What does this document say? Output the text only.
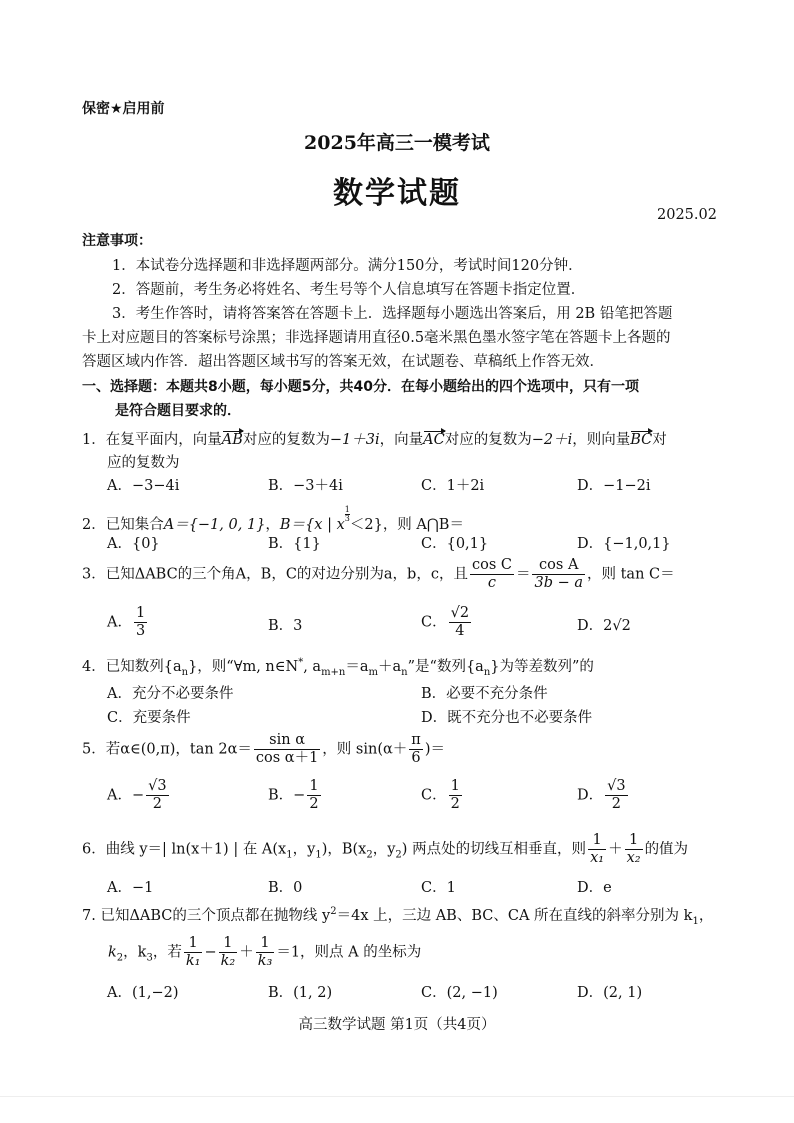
保密★启用前
2025年高三一模考试
数学试题
2025.02
注意事项：
1．本试卷分选择题和非选择题两部分。满分150分，考试时间120分钟．
2．答题前，考生务必将姓名、考生号等个人信息填写在答题卡指定位置．
3．考生作答时，请将答案答在答题卡上．选择题每小题选出答案后，用 2B 铅笔把答题
卡上对应题目的答案标号涂黑；非选择题请用直径0.5毫米黑色墨水签字笔在答题卡上各题的
答题区域内作答．超出答题区域书写的答案无效，在试题卷、草稿纸上作答无效．
一、选择题：本题共8小题，每小题5分，共40分．在每小题给出的四个选项中，只有一项
是符合题目要求的．
1．在复平面内，向量AB对应的复数为−1＋3i，向量AC对应的复数为−2＋i，则向量BC对
应的复数为
A．−3−4i	B．−3＋4i	C．1＋2i	D．−1−2i
2．已知集合A＝{−1, 0, 1}，B＝{x | x
$\frac{1}{3}$
＜2}，则 A⋂B＝
A．{0}	B．{1}	C．{0,1}	D．{−1,0,1}
3．已知ΔABC的三个角A，B，C的对边分别为a，b，c，且 $\frac{\text{cos C}}{c} = \frac{\text{cos A}}{3b - a}$ ，则 tan C＝
A． $\frac{1}{3}$	B．3	C． $\frac{√2}{4}$	D．2√2
4．已知数列$\{a_n\}$，则“∀m, n∈N*, $a_{m+n}=a_m+a_n$”是“数列$\{a_n\}$为等差数列”的
A．充分不必要条件	B．必要不充分条件
C．充要条件	D．既不充分也不必要条件
5．若α∈(0,π)，$\tan 2\alpha= \frac{\text{sin α}}{\text{cos α＋1}}$ ，则 $\sin(\alpha+ \frac{\pi}{6}$ )＝
A．− $\frac{√3}{2}$	B．− $\frac{1}{2}$	C． $\frac{1}{2}$	D． $\frac{√3}{2}$
6．曲线 y＝| ln(x＋1) | 在 $A(x_1$，$y_1$)，$B(x_2$，$y_2$) 两点处的切线互相垂直，则 $\frac{1}{\text{x₁}} + \frac{1}{\text{x₂}}$ 的值为
A．−1	B．0	C．1	D．e
7. 已知ΔABC的三个顶点都在抛物线 $y^2=4x$ 上，三边 AB、BC、CA 所在直线的斜率分别为 $k_1$，
$k_2$，$k_3$，若 $\frac{1}{\text{k₁}} - \frac{1}{\text{k₂}} + \frac{1}{\text{k₃}} =1$，则点 A 的坐标为
A．(1,−2)	B．(1, 2)	C．(2, −1)	D．(2, 1)
高三数学试题 第1页（共4页）
